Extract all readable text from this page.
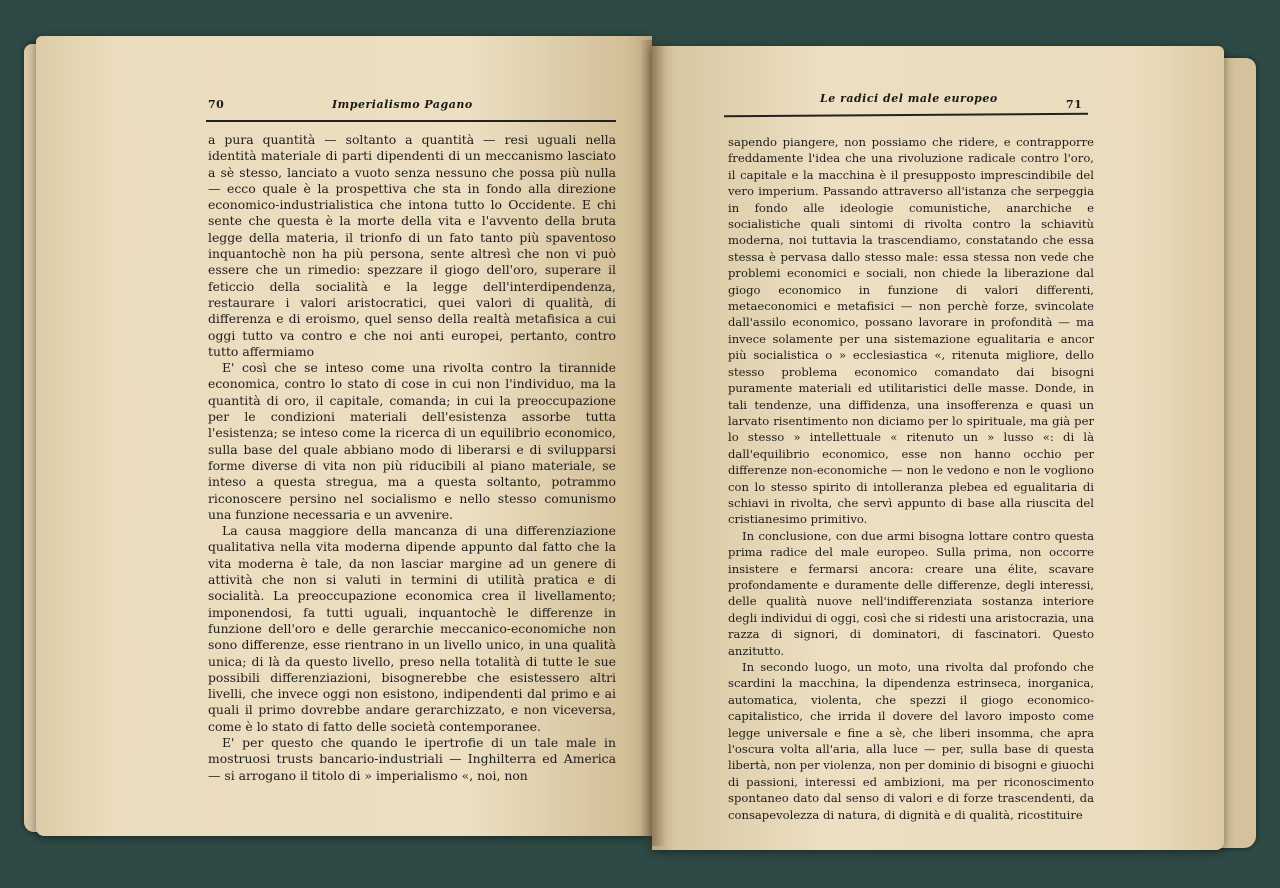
70	Imperialismo Pagano

a pura quantità — soltanto a quantità — resi uguali nella identità materiale di parti dipendenti di un meccanismo lasciato a sè stesso, lanciato a vuoto senza nessuno che possa più nulla — ecco quale è la prospettiva che sta in fondo alla direzione economico-industrialistica che intona tutto lo Occidente. E chi sente che questa è la morte della vita e l'avvento della bruta legge della materia, il trionfo di un fato tanto più spaventoso inquantochè non ha più persona, sente altresì che non vi può essere che un rimedio: spezzare il giogo dell'oro, superare il feticcio della socialità e la legge dell'interdipendenza, restaurare i valori aristocratici, quei valori di qualità, di differenza e di eroismo, quel senso della realtà metafisica a cui oggi tutto va contro e che noi anti europei, pertanto, contro tutto affermiamo

E' così che se inteso come una rivolta contro la tirannide economica, contro lo stato di cose in cui non l'individuo, ma la quantità di oro, il capitale, comanda; in cui la preoccupazione per le condizioni materiali dell'esistenza assorbe tutta l'esistenza; se inteso come la ricerca di un equilibrio economico, sulla base del quale abbiano modo di liberarsi e di svilupparsi forme diverse di vita non più riducibili al piano materiale, se inteso a questa stregua, ma a questa soltanto, potrammo riconoscere persino nel socialismo e nello stesso comunismo una funzione necessaria e un avvenire.

La causa maggiore della mancanza di una differenziazione qualitativa nella vita moderna dipende appunto dal fatto che la vita moderna è tale, da non lasciar margine ad un genere di attività che non si valuti in termini di utilità pratica e di socialità. La preoccupazione economica crea il livellamento; imponendosi, fa tutti uguali, inquantochè le differenze in funzione dell'oro e delle gerarchie meccanico-economiche non sono differenze, esse rientrano in un livello unico, in una qualità unica; di là da questo livello, preso nella totalità di tutte le sue possibili differenziazioni, bisognerebbe che esistessero altri livelli, che invece oggi non esistono, indipendenti dal primo e ai quali il primo dovrebbe andare gerarchizzato, e non viceversa, come è lo stato di fatto delle società contemporanee.

E' per questo che quando le ipertrofie di un tale male in mostruosi trusts bancario-industriali — Inghilterra ed America — si arrogano il titolo di » imperialismo «, noi, non

Le radici del male europeo	71

sapendo piangere, non possiamo che ridere, e contrapporre freddamente l'idea che una rivoluzione radicale contro l'oro, il capitale e la macchina è il presupposto imprescindibile del vero imperium. Passando attraverso all'istanza che serpeggia in fondo alle ideologie comunistiche, anarchiche e socialistiche quali sintomi di rivolta contro la schiavitù moderna, noi tuttavia la trascendiamo, constatando che essa stessa è pervasa dallo stesso male: essa stessa non vede che problemi economici e sociali, non chiede la liberazione dal giogo economico in funzione di valori differenti, metaeconomici e metafisici — non perchè forze, svincolate dall'assilo economico, possano lavorare in profondità — ma invece solamente per una sistemazione egualitaria e ancor più socialistica o » ecclesiastica «, ritenuta migliore, dello stesso problema economico comandato dai bisogni puramente materiali ed utilitaristici delle masse. Donde, in tali tendenze, una diffidenza, una insofferenza e quasi un larvato risentimento non diciamo per lo spirituale, ma già per lo stesso » intellettuale « ritenuto un » lusso «: di là dall'equilibrio economico, esse non hanno occhio per differenze non-economiche — non le vedono e non le vogliono con lo stesso spirito di intolleranza plebea ed egualitaria di schiavi in rivolta, che servì appunto di base alla riuscita del cristianesimo primitivo.

In conclusione, con due armi bisogna lottare contro questa prima radice del male europeo. Sulla prima, non occorre insistere e fermarsi ancora: creare una élite, scavare profondamente e duramente delle differenze, degli interessi, delle qualità nuove nell'indifferenziata sostanza interiore degli individui di oggi, così che si ridesti una aristocrazia, una razza di signori, di dominatori, di fascinatori. Questo anzitutto.

In secondo luogo, un moto, una rivolta dal profondo che scardini la macchina, la dipendenza estrinseca, inorganica, automatica, violenta, che spezzi il giogo economico-capitalistico, che irrida il dovere del lavoro imposto come legge universale e fine a sè, che liberi insomma, che apra l'oscura volta all'aria, alla luce — per, sulla base di questa libertà, non per violenza, non per dominio di bisogni e giuochi di passioni, interessi ed ambizioni, ma per riconoscimento spontaneo dato dal senso di valori e di forze trascendenti, da consapevolezza di natura, di dignità e di qualità, ricostituire
